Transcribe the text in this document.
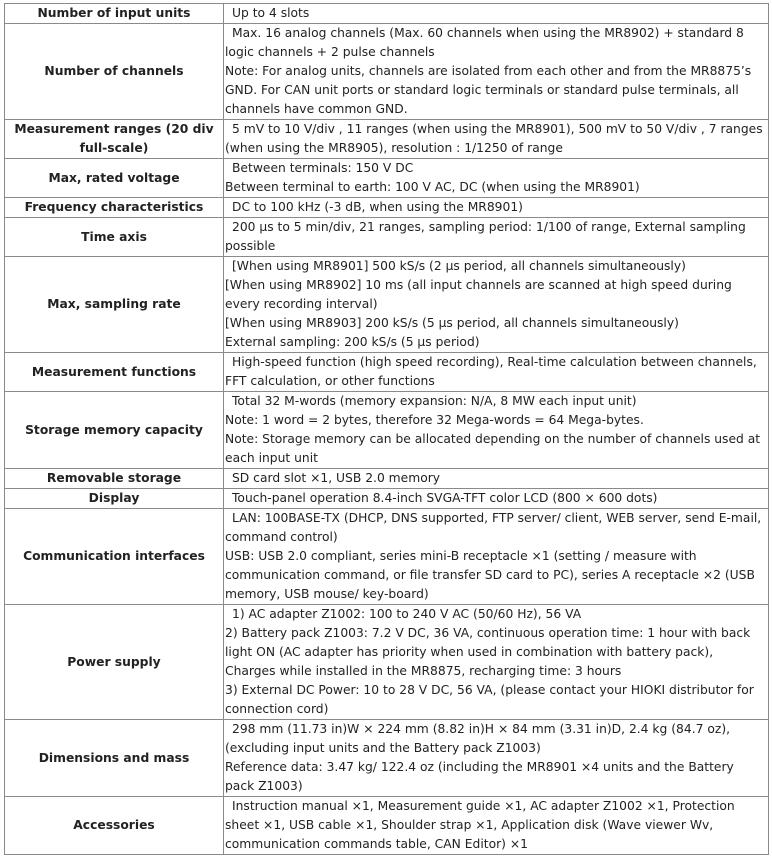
Number of input units	Up to 4 slots

Number of channels	Max. 16 analog channels (Max. 60 channels when using the MR8902) + standard 8 logic channels + 2 pulse channels
Note: For analog units, channels are isolated from each other and from the MR8875’s GND. For CAN unit ports or standard logic terminals or standard pulse terminals, all channels have common GND.

Measurement ranges (20 div full-scale)	5 mV to 10 V/div , 11 ranges (when using the MR8901), 500 mV to 50 V/div , 7 ranges (when using the MR8905), resolution : 1/1250 of range

Max, rated voltage	Between terminals: 150 V DC
Between terminal to earth: 100 V AC, DC (when using the MR8901)

Frequency characteristics	DC to 100 kHz (-3 dB, when using the MR8901)

Time axis	200 μs to 5 min/div, 21 ranges, sampling period: 1/100 of range, External sampling possible

Max, sampling rate	[When using MR8901] 500 kS/s (2 μs period, all channels simultaneously)
[When using MR8902] 10 ms (all input channels are scanned at high speed during every recording interval)
[When using MR8903] 200 kS/s (5 μs period, all channels simultaneously)
External sampling: 200 kS/s (5 μs period)

Measurement functions	High-speed function (high speed recording), Real-time calculation between channels, FFT calculation, or other functions

Storage memory capacity	Total 32 M-words (memory expansion: N/A, 8 MW each input unit)
Note: 1 word = 2 bytes, therefore 32 Mega-words = 64 Mega-bytes.
Note: Storage memory can be allocated depending on the number of channels used at each input unit

Removable storage	SD card slot ×1, USB 2.0 memory

Display	Touch-panel operation 8.4-inch SVGA-TFT color LCD (800 × 600 dots)

Communication interfaces	LAN: 100BASE-TX (DHCP, DNS supported, FTP server/ client, WEB server, send E-mail, command control)
USB: USB 2.0 compliant, series mini-B receptacle ×1 (setting / measure with communication command, or file transfer SD card to PC), series A receptacle ×2 (USB memory, USB mouse/ key-board)

Power supply	1) AC adapter Z1002: 100 to 240 V AC (50/60 Hz), 56 VA
2) Battery pack Z1003: 7.2 V DC, 36 VA, continuous operation time: 1 hour with back light ON (AC adapter has priority when used in combination with battery pack), Charges while installed in the MR8875, recharging time: 3 hours
3) External DC Power: 10 to 28 V DC, 56 VA, (please contact your HIOKI distributor for connection cord)

Dimensions and mass	298 mm (11.73 in)W × 224 mm (8.82 in)H × 84 mm (3.31 in)D, 2.4 kg (84.7 oz), (excluding input units and the Battery pack Z1003)
Reference data: 3.47 kg/ 122.4 oz (including the MR8901 ×4 units and the Battery pack Z1003)

Accessories	Instruction manual ×1, Measurement guide ×1, AC adapter Z1002 ×1, Protection sheet ×1, USB cable ×1, Shoulder strap ×1, Application disk (Wave viewer Wv, communication commands table, CAN Editor) ×1
